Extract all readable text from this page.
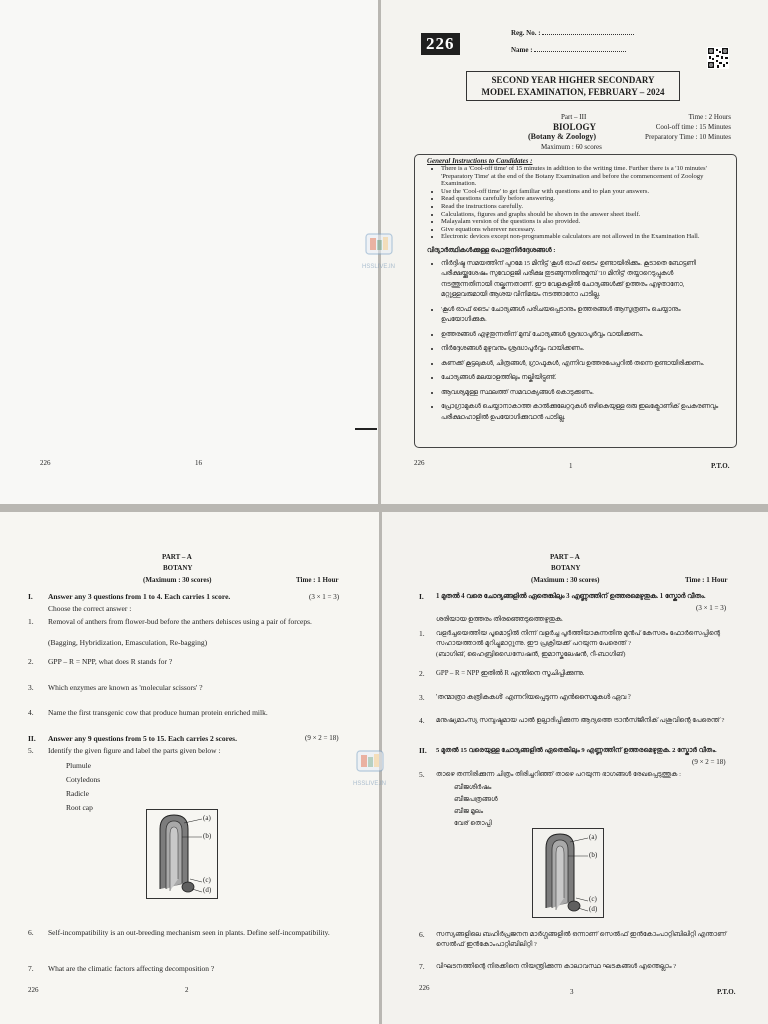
226	16
226
Reg. No. :
Name :
SECOND YEAR HIGHER SECONDARY
MODEL EXAMINATION, FEBRUARY – 2024
Part – III
BIOLOGY
(Botany & Zoology)
Maximum : 60 scores
Time : 2 Hours
Cool-off time : 15 Minutes
Preparatory Time : 10 Minutes
General Instructions to Candidates :
• There is a 'Cool-off time' of 15 minutes in addition to the writing time. Further there is a '10 minutes' 'Preparatory Time' at the end of the Botany Examination and before the commencement of Zoology Examination.
• Use the 'Cool-off time' to get familiar with questions and to plan your answers.
• Read questions carefully before answering.
• Read the instructions carefully.
• Calculations, figures and graphs should be shown in the answer sheet itself.
• Malayalam version of the questions is also provided.
• Give equations wherever necessary.
• Electronic devices except non-programmable calculators are not allowed in the Examination Hall.
വിദ്യാർത്ഥികൾക്കുള്ള പൊതുനിർദ്ദേശങ്ങൾ :
• നിർദ്ദിഷ്ട സമയത്തിന് പുറമേ 15 മിനിട്ട് 'കൂൾ ഓഫ് ടൈം' ഉണ്ടായിരിക്കും. കൂടാതെ ബോട്ടണി പരീക്ഷയ്ക്കുശേഷം സുവോളജി പരീക്ഷ തുടങ്ങുന്നതിനുമുമ്പ് '10 മിനിട്ട്' തയ്യാറെടുപ്പുകൾ നടത്തുന്നതിനായി നല്കുന്നതാണ്. ഈ വേളകളിൽ ചോദ്യങ്ങൾക്ക് ഉത്തരം എഴുതാനോ, മറ്റുള്ളവരുമായി ആശയ വിനിമയം നടത്താനോ പാടില്ല.
• 'കൂൾ ഓഫ് ടൈം' ചോദ്യങ്ങൾ പരിചയപ്പെടാനും ഉത്തരങ്ങൾ ആസൂത്രണം ചെയ്യാനും ഉപയോഗിക്കുക.
• ഉത്തരങ്ങൾ എഴുതുന്നതിന് മുമ്പ് ചോദ്യങ്ങൾ ശ്രദ്ധാപൂർവ്വം വായിക്കണം.
• നിർദ്ദേശങ്ങൾ മുഴുവനും ശ്രദ്ധാപൂർവ്വം വായിക്കണം.
• കണക്ക് കൂട്ടലുകൾ, ചിത്രങ്ങൾ, ഗ്രാഫുകൾ, എന്നിവ ഉത്തരപേപ്പറിൽ തന്നെ ഉണ്ടായിരിക്കണം.
• ചോദ്യങ്ങൾ മലയാളത്തിലും നല്കിയിട്ടുണ്ട്.
• ആവശ്യമുള്ള സ്ഥലത്ത് സമവാക്യങ്ങൾ കൊടുക്കണം.
• പ്രോഗ്രാമുകൾ ചെയ്യാനാകാത്ത കാൽക്കുലേറ്ററുകൾ ഒഴികെയുള്ള ഒരു ഇലക്ട്രോണിക് ഉപകരണവും പരീക്ഷാഹാളിൽ ഉപയോഗിക്കുവാൻ പാടില്ല.
226	1	P.T.O.
PART – A
BOTANY
(Maximum : 30 scores)	Time : 1 Hour
I. Answer any 3 questions from 1 to 4. Each carries 1 score.	(3 × 1 = 3)
Choose the correct answer :
1. Removal of anthers from flower-bud before the anthers dehisces using a pair of forceps.
(Bagging, Hybridization, Emasculation, Re-bagging)
2. GPP – R = NPP, what does R stands for ?
3. Which enzymes are known as 'molecular scissors' ?
4. Name the first transgenic cow that produce human protein enriched milk.
II. Answer any 9 questions from 5 to 15. Each carries 2 scores.	(9 × 2 = 18)
5. Identify the given figure and label the parts given below :
Plumule
Cotyledons
Radicle
Root cap
(a)
(b)
(c)
(d)
6. Self-incompatibility is an out-breeding mechanism seen in plants. Define self-incompatibility.
7. What are the climatic factors affecting decomposition ?
226	2
PART – A
BOTANY
(Maximum : 30 scores)	Time : 1 Hour
I. 1 മുതൽ 4 വരെ ചോദ്യങ്ങളിൽ ഏതെങ്കിലും 3 എണ്ണത്തിന് ഉത്തരമെഴുതുക. 1 സ്കോർ വീതം.
(3 × 1 = 3)
ശരിയായ ഉത്തരം തിരഞ്ഞെടുത്തെഴുതുക.
1. വളർച്ചയെത്തിയ പൂമൊട്ടിൽ നിന്ന് വളർച്ച പൂർത്തിയാകുന്നതിനു മുൻപ് കേസരം ഫോർസെപ്പിന്റെ സഹായത്താൽ മുറിച്ചുമാറ്റുന്നു. ഈ പ്രക്രിയക്ക് പറയുന്ന പേരെന്ത് ?
(ബാഗിങ്, ഹൈബ്രിഡൈസേഷൻ, ഇമാസ്കുലേഷൻ, റീ-ബാഗിങ്)
2. GPP – R = NPP ഇതിൽ R എന്തിനെ സൂചിപ്പിക്കുന്നു.
3. 'തന്മാത്രാ കത്രികകൾ' എന്നറിയപ്പെടുന്ന എൻസൈമുകൾ ഏവ ?
4. മനുഷ്യമാംസ്യ സമ്പുഷ്ടമായ പാൽ ഉല്പാദിപ്പിക്കുന്ന ആദ്യത്തെ ട്രാൻസ്ജീനിക് പശുവിന്റെ പേരെന്ത് ?
II. 5 മുതൽ 15 വരെയുള്ള ചോദ്യങ്ങളിൽ ഏതെങ്കിലും 9 എണ്ണത്തിന് ഉത്തരമെഴുതുക. 2 സ്കോർ വീതം.
(9 × 2 = 18)
5. താഴെ തന്നിരിക്കുന്ന ചിത്രം തിരിച്ചറിഞ്ഞ് താഴെ പറയുന്ന ഭാഗങ്ങൾ രേഖപ്പെടുത്തുക :
ബീജശീർഷം
ബീജപത്രങ്ങൾ
ബീജ മൂലം
വേര് തൊപ്പി
(a)
(b)
(c)
(d)
6. സസ്യങ്ങളിലെ ബഹിർപ്രജനന മാർഗ്ഗങ്ങളിൽ ഒന്നാണ് സെൽഫ് ഇൻകോംപാറ്റിബിലിറ്റി എന്താണ് സെൽഫ് ഇൻകോംപാറ്റിബിലിറ്റി ?
7. വിഘടനത്തിന്റെ നിരക്കിനെ നിയന്ത്രിക്കുന്ന കാലാവസ്ഥ ഘടകങ്ങൾ എന്തെല്ലാം ?
226	3	P.T.O.
HSSLIVE.IN
HSSLIVE.IN
